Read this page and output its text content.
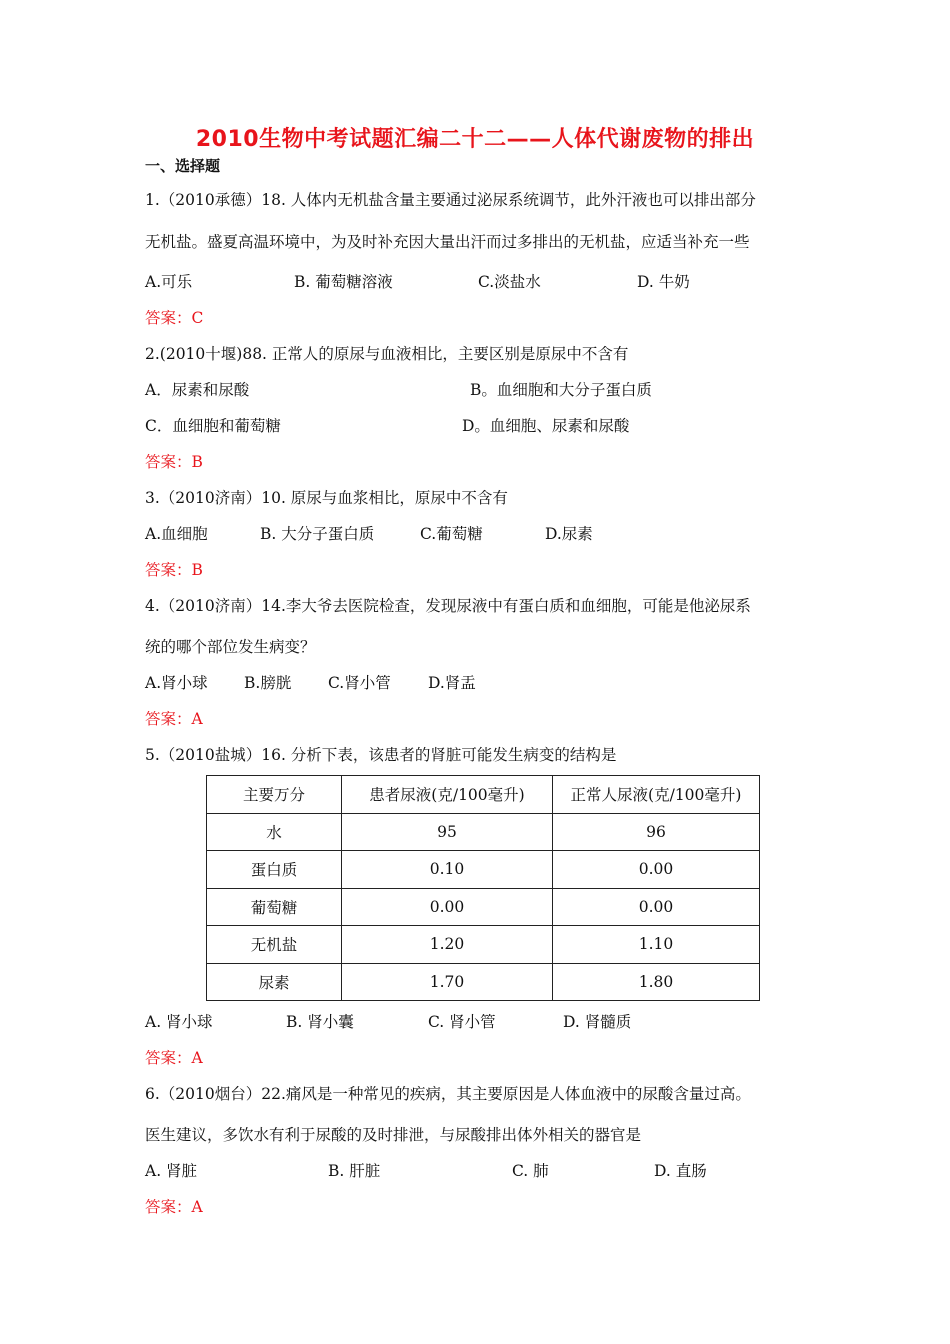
2010生物中考试题汇编二十二——人体代谢废物的排出
一、选择题
1.（2010承德）18. 人体内无机盐含量主要通过泌尿系统调节，此外汗液也可以排出部分
无机盐。盛夏高温环境中，为及时补充因大量出汗而过多排出的无机盐，应适当补充一些
A.可乐	B. 葡萄糖溶液	C.淡盐水	D. 牛奶
答案：C
2.(2010十堰)88. 正常人的原尿与血液相比，主要区别是原尿中不含有
A．尿素和尿酸	B。血细胞和大分子蛋白质
C．血细胞和葡萄糖	D。血细胞、尿素和尿酸
答案：B
3.（2010济南）10. 原尿与血浆相比，原尿中不含有
A.血细胞	B. 大分子蛋白质	C.葡萄糖	D.尿素
答案：B
4.（2010济南）14.李大爷去医院检查，发现尿液中有蛋白质和血细胞，可能是他泌尿系
统的哪个部位发生病变？
A.肾小球 B.膀胱 C.肾小管 D.肾盂
答案：A
5.（2010盐城）16. 分析下表，该患者的肾脏可能发生病变的结构是
主要万分	患者尿液(克/100毫升)	正常人尿液(克/100毫升)
水	95	96
蛋白质	0.10	0.00
葡萄糖	0.00	0.00
无机盐	1.20	1.10
尿素	1.70	1.80
A. 肾小球	B. 肾小囊	C. 肾小管	D. 肾髓质
答案：A
6.（2010烟台）22.痛风是一种常见的疾病，其主要原因是人体血液中的尿酸含量过高。
医生建议，多饮水有利于尿酸的及时排泄，与尿酸排出体外相关的器官是
A. 肾脏	B. 肝脏	C. 肺	D. 直肠
答案：A
